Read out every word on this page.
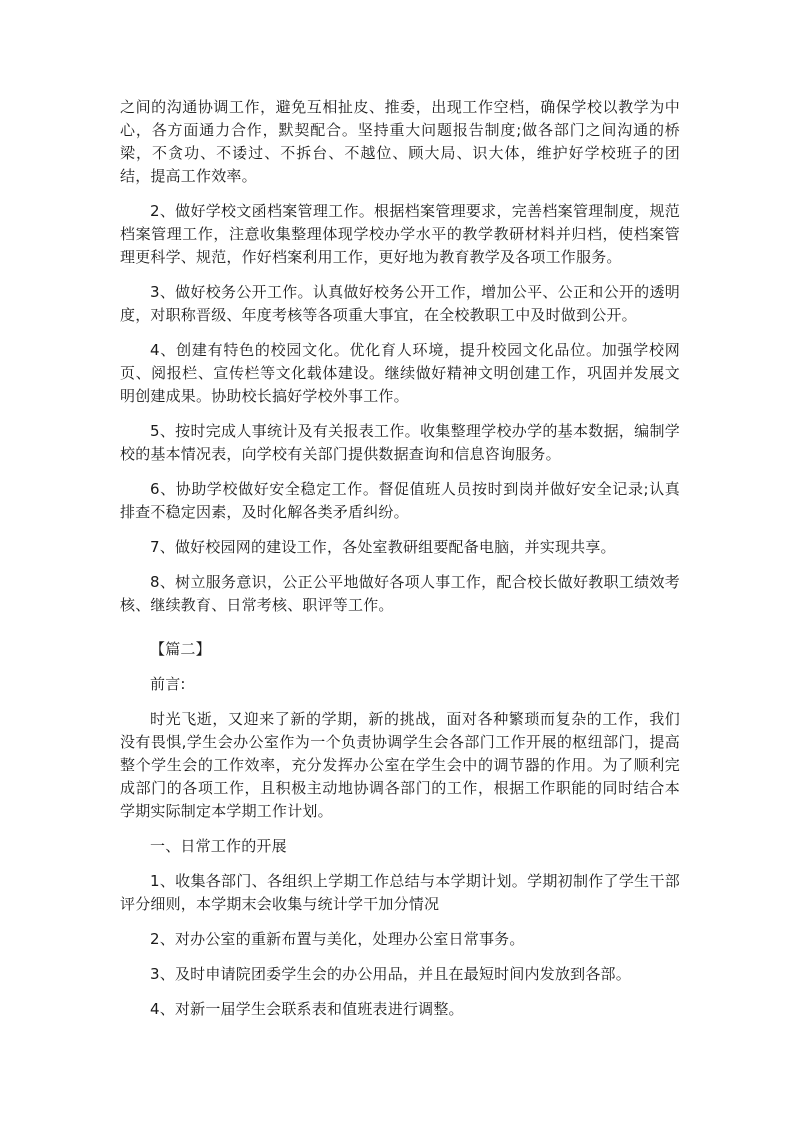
之间的沟通协调工作，避免互相扯皮、推委，出现工作空档，确保学校以教学为中心，各方面通力合作，默契配合。坚持重大问题报告制度;做各部门之间沟通的桥梁，不贪功、不诿过、不拆台、不越位、顾大局、识大体，维护好学校班子的团结，提高工作效率。

2、做好学校文函档案管理工作。根据档案管理要求，完善档案管理制度，规范档案管理工作，注意收集整理体现学校办学水平的教学教研材料并归档，使档案管理更科学、规范，作好档案利用工作，更好地为教育教学及各项工作服务。

3、做好校务公开工作。认真做好校务公开工作，增加公平、公正和公开的透明度，对职称晋级、年度考核等各项重大事宜，在全校教职工中及时做到公开。

4、创建有特色的校园文化。优化育人环境，提升校园文化品位。加强学校网页、阅报栏、宣传栏等文化载体建设。继续做好精神文明创建工作，巩固并发展文明创建成果。协助校长搞好学校外事工作。

5、按时完成人事统计及有关报表工作。收集整理学校办学的基本数据，编制学校的基本情况表，向学校有关部门提供数据查询和信息咨询服务。

6、协助学校做好安全稳定工作。督促值班人员按时到岗并做好安全记录;认真排查不稳定因素，及时化解各类矛盾纠纷。

7、做好校园网的建设工作，各处室教研组要配备电脑，并实现共享。

8、树立服务意识，公正公平地做好各项人事工作，配合校长做好教职工绩效考核、继续教育、日常考核、职评等工作。

【篇二】

前言:

时光飞逝，又迎来了新的学期，新的挑战，面对各种繁琐而复杂的工作，我们没有畏惧,学生会办公室作为一个负责协调学生会各部门工作开展的枢纽部门，提高整个学生会的工作效率，充分发挥办公室在学生会中的调节器的作用。为了顺利完成部门的各项工作，且积极主动地协调各部门的工作，根据工作职能的同时结合本学期实际制定本学期工作计划。

一、日常工作的开展

1、收集各部门、各组织上学期工作总结与本学期计划。学期初制作了学生干部评分细则，本学期末会收集与统计学干加分情况

2、对办公室的重新布置与美化，处理办公室日常事务。

3、及时申请院团委学生会的办公用品，并且在最短时间内发放到各部。

4、对新一届学生会联系表和值班表进行调整。
